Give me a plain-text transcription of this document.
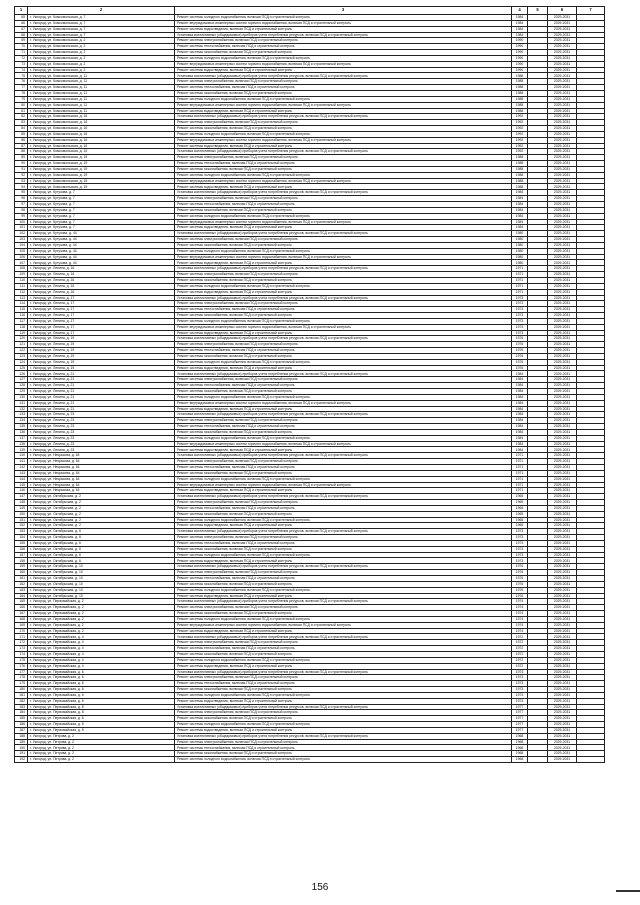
1	2	3	4	5	6	7
65	г. Ужгород, ул. Комсомольская, д. 7	Ремонт системы холодного водоснабжения, включая ПСД и строительный контроль	1984		2029-2031	
66	г. Ужгород, ул. Комсомольская, д. 7	Ремонт внутридомовых инженерных систем горячего водоснабжения, включая ПСД и строительный контроль	1984		2029-2031	
67	г. Ужгород, ул. Комсомольская, д. 7	Ремонт системы водоотведения, включая ПСД и строительный контроль	1984		2029-2031	
68	г. Ужгород, ул. Комсомольская, д. 7	Установка коллективных (общедомовых) приборов учета потребления ресурсов, включая ПСД и строительный контроль	1984		2029-2031	
69	г. Ужгород, ул. Комсомольская, д. 2	Ремонт системы электроснабжения, включая ПСД и строительный контроль	1990		2029-2031	
70	г. Ужгород, ул. Комсомольская, д. 2	Ремонт системы теплоснабжения, включая ПСД и строительный контроль	1990		2029-2031	
71	г. Ужгород, ул. Комсомольская, д. 2	Ремонт системы газоснабжения, включая ПСД и строительный контроль	1990		2029-2031	
72	г. Ужгород, ул. Комсомольская, д. 2	Ремонт системы холодного водоснабжения, включая ПСД и строительный контроль	1990		2029-2031	
73	г. Ужгород, ул. Комсомольская, д. 2	Ремонт внутридомовых инженерных систем горячего водоснабжения, включая ПСД и строительный контроль	1990		2029-2031	
74	г. Ужгород, ул. Комсомольская, д. 2	Ремонт системы водоотведения, включая ПСД и строительный контроль	1990		2029-2031	
75	г. Ужгород, ул. Комсомольская, д. 11	Установка коллективных (общедомовых) приборов учета потребления ресурсов, включая ПСД и строительный контроль	1988		2029-2031	
76	г. Ужгород, ул. Комсомольская, д. 11	Ремонт системы электроснабжения, включая ПСД и строительный контроль	1988		2029-2031	
77	г. Ужгород, ул. Комсомольская, д. 11	Ремонт системы теплоснабжения, включая ПСД и строительный контроль	1988		2029-2031	
78	г. Ужгород, ул. Комсомольская, д. 11	Ремонт системы газоснабжения, включая ПСД и строительный контроль	1988		2029-2031	
79	г. Ужгород, ул. Комсомольская, д. 11	Ремонт системы холодного водоснабжения, включая ПСД и строительный контроль	1988		2029-2031	
80	г. Ужгород, ул. Комсомольская, д. 11	Ремонт внутридомовых инженерных систем горячего водоснабжения, включая ПСД и строительный контроль	1988		2029-2031	
81	г. Ужгород, ул. Комсомольская, д. 11	Ремонт системы водоотведения, включая ПСД и строительный контроль	1988		2029-2031	
82	г. Ужгород, ул. Комсомольская, д. 16	Установка коллективных (общедомовых) приборов учета потребления ресурсов, включая ПСД и строительный контроль	1992		2029-2031	
83	г. Ужгород, ул. Комсомольская, д. 16	Ремонт системы электроснабжения, включая ПСД и строительный контроль	1992		2029-2031	
84	г. Ужгород, ул. Комсомольская, д. 16	Ремонт системы газоснабжения, включая ПСД и строительный контроль	1992		2029-2031	
85	г. Ужгород, ул. Комсомольская, д. 16	Ремонт системы холодного водоснабжения, включая ПСД и строительный контроль	1992		2029-2031	
86	г. Ужгород, ул. Комсомольская, д. 16	Ремонт внутридомовых инженерных систем горячего водоснабжения, включая ПСД и строительный контроль	1992		2029-2031	
87	г. Ужгород, ул. Комсомольская, д. 16	Ремонт системы водоотведения, включая ПСД и строительный контроль	1992		2029-2031	
88	г. Ужгород, ул. Комсомольская, д. 19	Установка коллективных (общедомовых) приборов учета потребления ресурсов, включая ПСД и строительный контроль	1992		2029-2031	
89	г. Ужгород, ул. Комсомольская, д. 19	Ремонт системы электроснабжения, включая ПСД и строительный контроль	1988		2029-2031	
90	г. Ужгород, ул. Комсомольская, д. 19	Ремонт системы теплоснабжения, включая ПСД и строительный контроль	1988		2029-2031	
91	г. Ужгород, ул. Комсомольская, д. 19	Ремонт системы газоснабжения, включая ПСД и строительный контроль	1988		2029-2031	
92	г. Ужгород, ул. Комсомольская, д. 19	Ремонт системы холодного водоснабжения, включая ПСД и строительный контроль	1988		2029-2031	
93	г. Ужгород, ул. Комсомольская, д. 19	Ремонт внутридомовых инженерных систем горячего водоснабжения, включая ПСД и строительный контроль	1988		2029-2031	
94	г. Ужгород, ул. Комсомольская, д. 19	Ремонт системы водоотведения, включая ПСД и строительный контроль	1988		2029-2031	
95	г. Ужгород, ул. Кутузова, д. 7	Установка коллективных (общедомовых) приборов учета потребления ресурсов, включая ПСД и строительный контроль	1984		2029-2031	
96	г. Ужгород, ул. Кутузова, д. 7	Ремонт системы электроснабжения, включая ПСД и строительный контроль	1984		2029-2031	
97	г. Ужгород, ул. Кутузова, д. 7	Ремонт системы теплоснабжения, включая ПСД и строительный контроль	1984		2029-2031	
98	г. Ужгород, ул. Кутузова, д. 7	Ремонт системы газоснабжения, включая ПСД и строительный контроль	1984		2029-2031	
99	г. Ужгород, ул. Кутузова, д. 7	Ремонт системы холодного водоснабжения, включая ПСД и строительный контроль	1984		2029-2031	
100	г. Ужгород, ул. Кутузова, д. 7	Ремонт внутридомовых инженерных систем горячего водоснабжения, включая ПСД и строительный контроль	1984		2029-2031	
101	г. Ужгород, ул. Кутузова, д. 7	Ремонт системы водоотведения, включая ПСД и строительный контроль	1984		2029-2031	
102	г. Ужгород, ул. Кутузова, д. 44	Установка коллективных (общедомовых) приборов учета потребления ресурсов, включая ПСД и строительный контроль	1980		2029-2031	
103	г. Ужгород, ул. Кутузова, д. 44	Ремонт системы электроснабжения, включая ПСД и строительный контроль	1980		2029-2031	
104	г. Ужгород, ул. Кутузова, д. 44	Ремонт системы газоснабжения, включая ПСД и строительный контроль	1980		2029-2031	
105	г. Ужгород, ул. Кутузова, д. 44	Ремонт системы холодного водоснабжения, включая ПСД и строительный контроль	1980		2029-2031	
106	г. Ужгород, ул. Кутузова, д. 44	Ремонт внутридомовых инженерных систем горячего водоснабжения, включая ПСД и строительный контроль	1980		2029-2031	
107	г. Ужгород, ул. Кутузова, д. 44	Ремонт системы водоотведения, включая ПСД и строительный контроль	1980		2029-2031	
108	г. Ужгород, ул. Ленина, д. 16	Установка коллективных (общедомовых) приборов учета потребления ресурсов, включая ПСД и строительный контроль	1971		2029-2031	
109	г. Ужгород, ул. Ленина, д. 16	Ремонт системы электроснабжения, включая ПСД и строительный контроль	1971		2029-2031	
110	г. Ужгород, ул. Ленина, д. 16	Ремонт системы газоснабжения, включая ПСД и строительный контроль	1971		2029-2031	
111	г. Ужгород, ул. Ленина, д. 16	Ремонт системы холодного водоснабжения, включая ПСД и строительный контроль	1971		2029-2031	
112	г. Ужгород, ул. Ленина, д. 16	Ремонт системы водоотведения, включая ПСД и строительный контроль	1971		2029-2031	
113	г. Ужгород, ул. Ленина, д. 17	Установка коллективных (общедомовых) приборов учета потребления ресурсов, включая ПСД и строительный контроль	1973		2029-2031	
114	г. Ужгород, ул. Ленина, д. 17	Ремонт системы электроснабжения, включая ПСД и строительный контроль	1973		2029-2031	
115	г. Ужгород, ул. Ленина, д. 17	Ремонт системы теплоснабжения, включая ПСД и строительный контроль	1973		2029-2031	
116	г. Ужгород, ул. Ленина, д. 17	Ремонт системы газоснабжения, включая ПСД и строительный контроль	1973		2029-2031	
117	г. Ужгород, ул. Ленина, д. 17	Ремонт системы холодного водоснабжения, включая ПСД и строительный контроль	1973		2029-2031	
118	г. Ужгород, ул. Ленина, д. 17	Ремонт внутридомовых инженерных систем горячего водоснабжения, включая ПСД и строительный контроль	1973		2029-2031	
119	г. Ужгород, ул. Ленина, д. 17	Ремонт системы водоотведения, включая ПСД и строительный контроль	1973		2029-2031	
120	г. Ужгород, ул. Ленина, д. 19	Установка коллективных (общедомовых) приборов учета потребления ресурсов, включая ПСД и строительный контроль	1976		2029-2031	
121	г. Ужгород, ул. Ленина, д. 19	Ремонт системы электроснабжения, включая ПСД и строительный контроль	1976		2029-2031	
122	г. Ужгород, ул. Ленина, д. 19	Ремонт системы теплоснабжения, включая ПСД и строительный контроль	1976		2029-2031	
123	г. Ужгород, ул. Ленина, д. 19	Ремонт системы газоснабжения, включая ПСД и строительный контроль	1976		2029-2031	
124	г. Ужгород, ул. Ленина, д. 19	Ремонт системы холодного водоснабжения, включая ПСД и строительный контроль	1976		2029-2031	
125	г. Ужгород, ул. Ленина, д. 19	Ремонт системы водоотведения, включая ПСД и строительный контроль	1976		2029-2031	
126	г. Ужгород, ул. Ленина, д. 21	Установка коллективных (общедомовых) приборов учета потребления ресурсов, включая ПСД и строительный контроль	1984		2029-2031	
127	г. Ужгород, ул. Ленина, д. 21	Ремонт системы электроснабжения, включая ПСД и строительный контроль	1984		2029-2031	
128	г. Ужгород, ул. Ленина, д. 21	Ремонт системы теплоснабжения, включая ПСД и строительный контроль	1984		2029-2031	
129	г. Ужгород, ул. Ленина, д. 21	Ремонт системы газоснабжения, включая ПСД и строительный контроль	1984		2029-2031	
130	г. Ужгород, ул. Ленина, д. 21	Ремонт системы холодного водоснабжения, включая ПСД и строительный контроль	1984		2029-2031	
131	г. Ужгород, ул. Ленина, д. 21	Ремонт внутридомовых инженерных систем горячего водоснабжения, включая ПСД и строительный контроль	1984		2029-2031	
132	г. Ужгород, ул. Ленина, д. 21	Ремонт системы водоотведения, включая ПСД и строительный контроль	1984		2029-2031	
133	г. Ужгород, ул. Ленина, д. 23	Установка коллективных (общедомовых) приборов учета потребления ресурсов, включая ПСД и строительный контроль	1984		2029-2031	
134	г. Ужгород, ул. Ленина, д. 23	Ремонт системы электроснабжения, включая ПСД и строительный контроль	1984		2029-2031	
135	г. Ужгород, ул. Ленина, д. 23	Ремонт системы теплоснабжения, включая ПСД и строительный контроль	1984		2029-2031	
136	г. Ужгород, ул. Ленина, д. 23	Ремонт системы газоснабжения, включая ПСД и строительный контроль	1984		2029-2031	
137	г. Ужгород, ул. Ленина, д. 23	Ремонт системы холодного водоснабжения, включая ПСД и строительный контроль	1984		2029-2031	
138	г. Ужгород, ул. Ленина, д. 23	Ремонт внутридомовых инженерных систем горячего водоснабжения, включая ПСД и строительный контроль	1984		2029-2031	
139	г. Ужгород, ул. Ленина, д. 23	Ремонт системы водоотведения, включая ПСД и строительный контроль	1984		2029-2031	
140	г. Ужгород, ул. Некрасова, д. 64	Установка коллективных (общедомовых) приборов учета потребления ресурсов, включая ПСД и строительный контроль	1971		2029-2031	
141	г. Ужгород, ул. Некрасова, д. 64	Ремонт системы электроснабжения, включая ПСД и строительный контроль	1971		2029-2031	
142	г. Ужгород, ул. Некрасова, д. 64	Ремонт системы теплоснабжения, включая ПСД и строительный контроль	1971		2029-2031	
143	г. Ужгород, ул. Некрасова, д. 64	Ремонт системы газоснабжения, включая ПСД и строительный контроль	1971		2029-2031	
144	г. Ужгород, ул. Некрасова, д. 64	Ремонт системы холодного водоснабжения, включая ПСД и строительный контроль	1971		2029-2031	
145	г. Ужгород, ул. Некрасова, д. 64	Ремонт внутридомовых инженерных систем горячего водоснабжения, включая ПСД и строительный контроль	1971		2029-2031	
146	г. Ужгород, ул. Некрасова, д. 64	Ремонт системы водоотведения, включая ПСД и строительный контроль	1971		2029-2031	
147	г. Ужгород, ул. Октябрьская, д. 2	Установка коллективных (общедомовых) приборов учета потребления ресурсов, включая ПСД и строительный контроль	1965		2029-2031	
148	г. Ужгород, ул. Октябрьская, д. 2	Ремонт системы электроснабжения, включая ПСД и строительный контроль	1965		2029-2031	
149	г. Ужгород, ул. Октябрьская, д. 2	Ремонт системы теплоснабжения, включая ПСД и строительный контроль	1965		2029-2031	
150	г. Ужгород, ул. Октябрьская, д. 2	Ремонт системы газоснабжения, включая ПСД и строительный контроль	1965		2029-2031	
151	г. Ужгород, ул. Октябрьская, д. 2	Ремонт системы холодного водоснабжения, включая ПСД и строительный контроль	1965		2029-2031	
152	г. Ужгород, ул. Октябрьская, д. 2	Ремонт системы водоотведения, включая ПСД и строительный контроль	1965		2029-2031	
153	г. Ужгород, ул. Октябрьская, д. 6	Установка коллективных (общедомовых) приборов учета потребления ресурсов, включая ПСД и строительный контроль	1973		2029-2031	
154	г. Ужгород, ул. Октябрьская, д. 6	Ремонт системы электроснабжения, включая ПСД и строительный контроль	1973		2029-2031	
155	г. Ужгород, ул. Октябрьская, д. 6	Ремонт системы теплоснабжения, включая ПСД и строительный контроль	1973		2029-2031	
156	г. Ужгород, ул. Октябрьская, д. 6	Ремонт системы газоснабжения, включая ПСД и строительный контроль	1973		2029-2031	
157	г. Ужгород, ул. Октябрьская, д. 6	Ремонт системы холодного водоснабжения, включая ПСД и строительный контроль	1973		2029-2031	
158	г. Ужгород, ул. Октябрьская, д. 6	Ремонт системы водоотведения, включая ПСД и строительный контроль	1973		2029-2031	
159	г. Ужгород, ул. Октябрьская, д. 10	Установка коллективных (общедомовых) приборов учета потребления ресурсов, включая ПСД и строительный контроль	1976		2029-2031	
160	г. Ужгород, ул. Октябрьская, д. 10	Ремонт системы электроснабжения, включая ПСД и строительный контроль	1976		2029-2031	
161	г. Ужгород, ул. Октябрьская, д. 10	Ремонт системы теплоснабжения, включая ПСД и строительный контроль	1976		2029-2031	
162	г. Ужгород, ул. Октябрьская, д. 10	Ремонт системы газоснабжения, включая ПСД и строительный контроль	1976		2029-2031	
163	г. Ужгород, ул. Октябрьская, д. 10	Ремонт системы холодного водоснабжения, включая ПСД и строительный контроль	1976		2029-2031	
164	г. Ужгород, ул. Октябрьская, д. 10	Ремонт системы водоотведения, включая ПСД и строительный контроль	1976		2029-2031	
165	г. Ужгород, ул. Первомайская, д. 2	Установка коллективных (общедомовых) приборов учета потребления ресурсов, включая ПСД и строительный контроль	1974		2029-2031	
166	г. Ужгород, ул. Первомайская, д. 2	Ремонт системы электроснабжения, включая ПСД и строительный контроль	1974		2029-2031	
167	г. Ужгород, ул. Первомайская, д. 2	Ремонт системы газоснабжения, включая ПСД и строительный контроль	1974		2029-2031	
168	г. Ужгород, ул. Первомайская, д. 2	Ремонт системы холодного водоснабжения, включая ПСД и строительный контроль	1974		2029-2031	
169	г. Ужгород, ул. Первомайская, д. 2	Ремонт внутридомовых инженерных систем горячего водоснабжения, включая ПСД и строительный контроль	1974		2029-2031	
170	г. Ужгород, ул. Первомайская, д. 2	Ремонт системы водоотведения, включая ПСД и строительный контроль	1974		2029-2031	
171	г. Ужгород, ул. Первомайская, д. 4	Установка коллективных (общедомовых) приборов учета потребления ресурсов, включая ПСД и строительный контроль	1972		2029-2031	
172	г. Ужгород, ул. Первомайская, д. 4	Ремонт системы электроснабжения, включая ПСД и строительный контроль	1972		2029-2031	
173	г. Ужгород, ул. Первомайская, д. 4	Ремонт системы теплоснабжения, включая ПСД и строительный контроль	1972		2029-2031	
174	г. Ужгород, ул. Первомайская, д. 4	Ремонт системы газоснабжения, включая ПСД и строительный контроль	1972		2029-2031	
175	г. Ужгород, ул. Первомайская, д. 4	Ремонт системы холодного водоснабжения, включая ПСД и строительный контроль	1972		2029-2031	
176	г. Ужгород, ул. Первомайская, д. 4	Ремонт системы водоотведения, включая ПСД и строительный контроль	1972		2029-2031	
177	г. Ужгород, ул. Первомайская, д. 6	Установка коллективных (общедомовых) приборов учета потребления ресурсов, включая ПСД и строительный контроль	1973		2029-2031	
178	г. Ужгород, ул. Первомайская, д. 6	Ремонт системы электроснабжения, включая ПСД и строительный контроль	1973		2029-2031	
179	г. Ужгород, ул. Первомайская, д. 6	Ремонт системы теплоснабжения, включая ПСД и строительный контроль	1973		2029-2031	
180	г. Ужгород, ул. Первомайская, д. 6	Ремонт системы газоснабжения, включая ПСД и строительный контроль	1973		2029-2031	
181	г. Ужгород, ул. Первомайская, д. 6	Ремонт системы холодного водоснабжения, включая ПСД и строительный контроль	1973		2029-2031	
182	г. Ужгород, ул. Первомайская, д. 6	Ремонт системы водоотведения, включая ПСД и строительный контроль	1973		2029-2031	
183	г. Ужгород, ул. Первомайская, д. 8	Установка коллективных (общедомовых) приборов учета потребления ресурсов, включая ПСД и строительный контроль	1977		2029-2031	
184	г. Ужгород, ул. Первомайская, д. 8	Ремонт системы электроснабжения, включая ПСД и строительный контроль	1977		2029-2031	
185	г. Ужгород, ул. Первомайская, д. 8	Ремонт системы газоснабжения, включая ПСД и строительный контроль	1977		2029-2031	
186	г. Ужгород, ул. Первомайская, д. 8	Ремонт системы холодного водоснабжения, включая ПСД и строительный контроль	1977		2029-2031	
187	г. Ужгород, ул. Первомайская, д. 8	Ремонт системы водоотведения, включая ПСД и строительный контроль	1977		2029-2031	
188	г. Ужгород, ул. Петрова, д. 2	Установка коллективных (общедомовых) приборов учета потребления ресурсов, включая ПСД и строительный контроль	1968		2029-2031	
189	г. Ужгород, ул. Петрова, д. 2	Ремонт системы электроснабжения, включая ПСД и строительный контроль	1968		2029-2031	
190	г. Ужгород, ул. Петрова, д. 2	Ремонт системы теплоснабжения, включая ПСД и строительный контроль	1968		2029-2031	
191	г. Ужгород, ул. Петрова, д. 2	Ремонт системы газоснабжения, включая ПСД и строительный контроль	1968		2029-2031	
192	г. Ужгород, ул. Петрова, д. 2	Ремонт системы холодного водоснабжения, включая ПСД и строительный контроль	1968		2029-2031	
156
